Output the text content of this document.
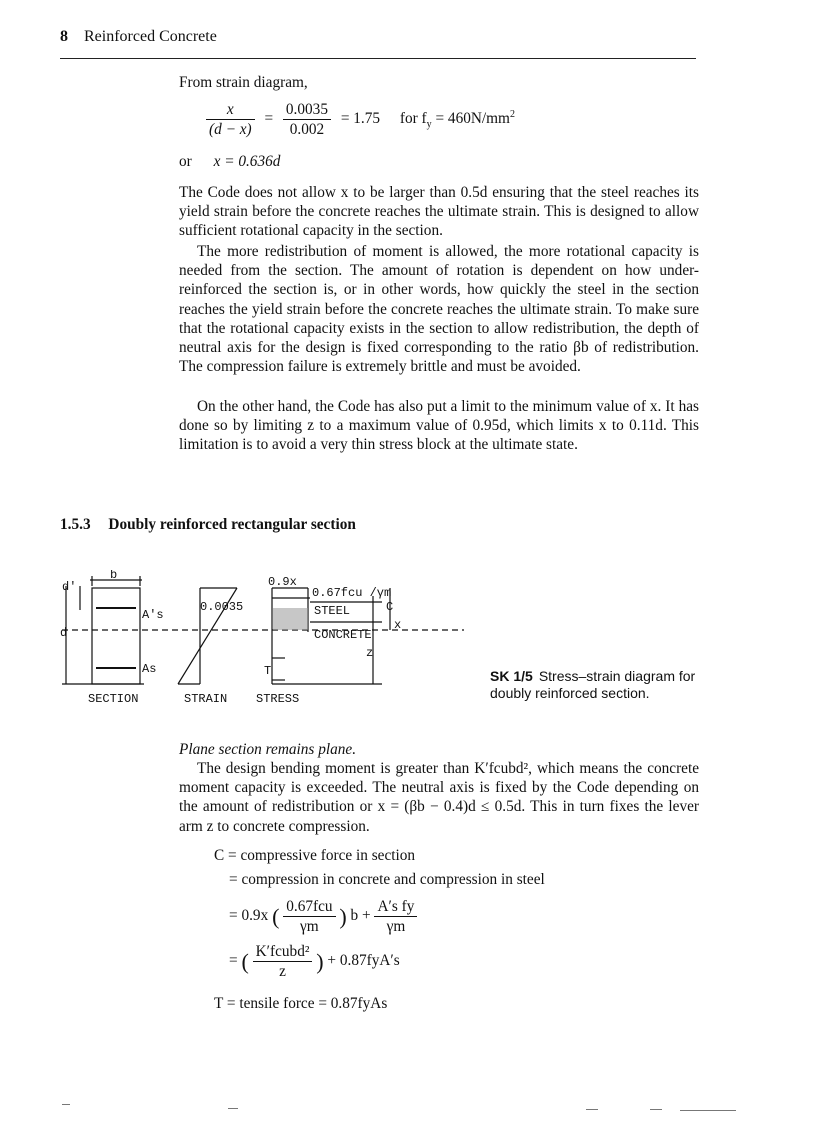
8 Reinforced Concrete
From strain diagram,
$\frac{x}{(d - x)} = \frac{0.0035}{0.002} = 1.75$ for $f_y = 460N/mm^2$
or x = 0.636d
The Code does not allow x to be larger than 0.5d ensuring that the steel reaches its yield strain before the concrete reaches the ultimate strain. This is designed to allow sufficient rotational capacity in the section.
The more redistribution of moment is allowed, the more rotational capacity is needed from the section. The amount of rotation is dependent on how under-reinforced the section is, or in other words, how quickly the steel in the section reaches the yield strain before the concrete reaches the ultimate strain. To make sure that the rotational capacity exists in the section to allow redistribution, the depth of neutral axis for the design is fixed corresponding to the ratio βb of redistribution. The compression failure is extremely brittle and must be avoided.
On the other hand, the Code has also put a limit to the minimum value of x. It has done so by limiting z to a maximum value of 0.95d, which limits x to 0.11d. This limitation is to avoid a very thin stress block at the ultimate state.
1.5.3 Doubly reinforced rectangular section
b
d'
A's
As
d
0.0035
0.9x
0.67fcu /γm
STEEL
CONCRETE
x
z
T
C
SECTION	STRAIN STRESS
SK 1/5 Stress–strain diagram for doubly reinforced section.
Plane section remains plane.
The design bending moment is greater than K′fcubd², which means the concrete moment capacity is exceeded. The neutral axis is fixed by the Code depending on the amount of redistribution or x = (βb − 0.4)d ≤ 0.5d. This in turn fixes the lever arm z to concrete compression.
C = compressive force in section
= compression in concrete and compression in steel
= 0.9x ( $\frac{\text{0.67fcu}}{\gamma m}$ ) $b + \frac{\text{A′s fy}}{\gamma m}$
= ( $\frac{\text{K′fcubd²}}{z}$ ) + 0.87fyA′s
T = tensile force = 0.87fyAs
